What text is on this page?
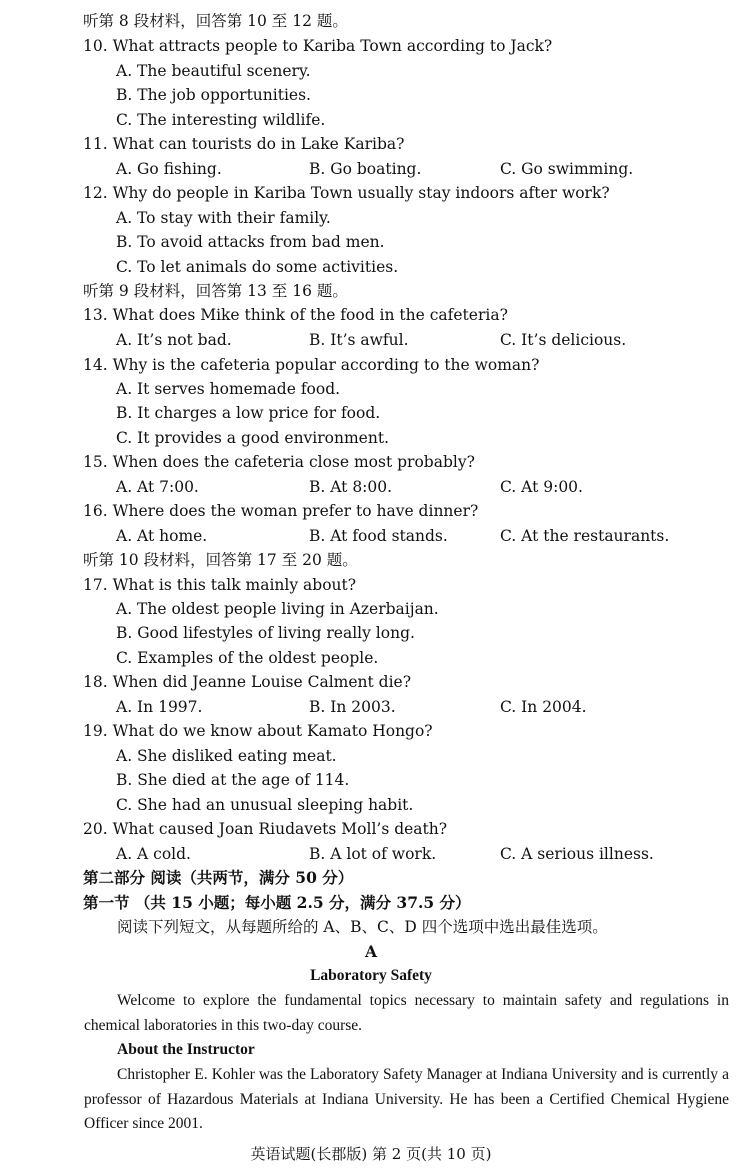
听第 8 段材料，回答第 10 至 12 题。
10. What attracts people to Kariba Town according to Jack?
A. The beautiful scenery.
B. The job opportunities.
C. The interesting wildlife.
11. What can tourists do in Lake Kariba?
A. Go fishing.	B. Go boating.	C. Go swimming.
12. Why do people in Kariba Town usually stay indoors after work?
A. To stay with their family.
B. To avoid attacks from bad men.
C. To let animals do some activities.
听第 9 段材料，回答第 13 至 16 题。
13. What does Mike think of the food in the cafeteria?
A. It’s not bad.	B. It’s awful.	C. It’s delicious.
14. Why is the cafeteria popular according to the woman?
A. It serves homemade food.
B. It charges a low price for food.
C. It provides a good environment.
15. When does the cafeteria close most probably?
A. At 7:00.	B. At 8:00.	C. At 9:00.
16. Where does the woman prefer to have dinner?
A. At home.	B. At food stands.	C. At the restaurants.
听第 10 段材料，回答第 17 至 20 题。
17. What is this talk mainly about?
A. The oldest people living in Azerbaijan.
B. Good lifestyles of living really long.
C. Examples of the oldest people.
18. When did Jeanne Louise Calment die?
A. In 1997.	B. In 2003.	C. In 2004.
19. What do we know about Kamato Hongo?
A. She disliked eating meat.
B. She died at the age of 114.
C. She had an unusual sleeping habit.
20. What caused Joan Riudavets Moll’s death?
A. A cold.	B. A lot of work.	C. A serious illness.
第二部分 阅读（共两节，满分 50 分）
第一节 （共 15 小题；每小题 2.5 分，满分 37.5 分）
阅读下列短文，从每题所给的 A、B、C、D 四个选项中选出最佳选项。
A
Laboratory Safety
Welcome to explore the fundamental topics necessary to maintain safety and regulations in chemical laboratories in this two-day course.
About the Instructor
Christopher E. Kohler was the Laboratory Safety Manager at Indiana University and is currently a professor of Hazardous Materials at Indiana University. He has been a Certified Chemical Hygiene Officer since 2001.
英语试题(长郡版) 第 2 页(共 10 页)
